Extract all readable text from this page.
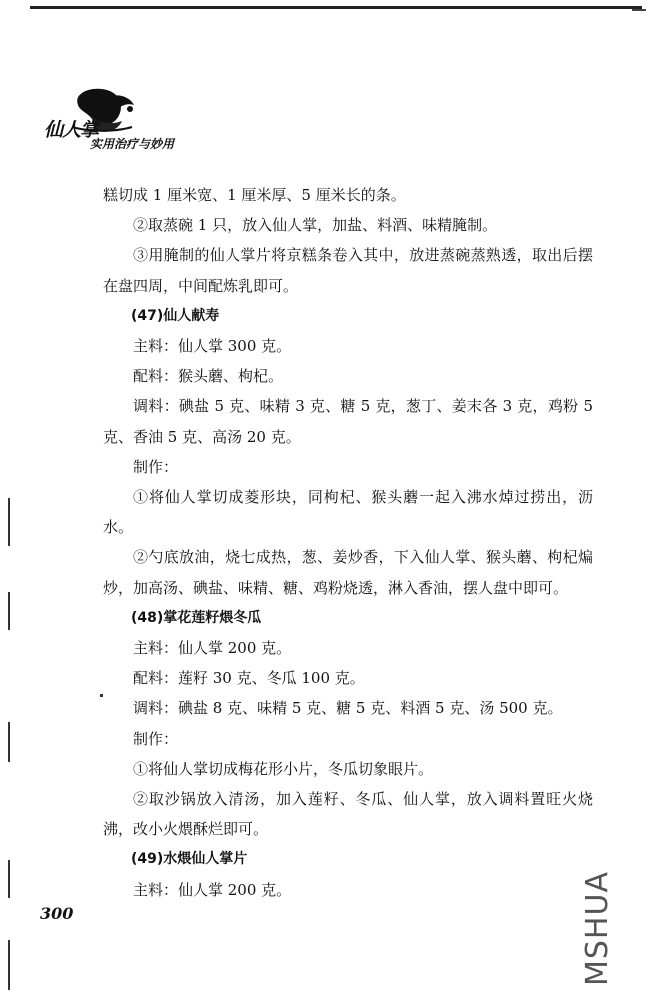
仙人掌
实用治疗与妙用

糕切成 1 厘米宽、1 厘米厚、5 厘米长的条。

②取蒸碗 1 只，放入仙人掌，加盐、料酒、味精腌制。

③用腌制的仙人掌片将京糕条卷入其中，放进蒸碗蒸熟透，取出后摆在盘四周，中间配炼乳即可。

(47)仙人献寿

主料：仙人掌 300 克。

配料：猴头蘑、枸杞。

调料：碘盐 5 克、味精 3 克、糖 5 克，葱丁、姜末各 3 克，鸡粉 5 克、香油 5 克、高汤 20 克。

制作：

①将仙人掌切成菱形块，同枸杞、猴头蘑一起入沸水焯过捞出，沥水。

②勺底放油，烧七成热，葱、姜炒香，下入仙人掌、猴头蘑、枸杞煸炒，加高汤、碘盐、味精、糖、鸡粉烧透，淋入香油，摆人盘中即可。

(48)掌花莲籽煨冬瓜

主料：仙人掌 200 克。

配料：莲籽 30 克、冬瓜 100 克。

调料：碘盐 8 克、味精 5 克、糖 5 克、料酒 5 克、汤 500 克。

制作：

①将仙人掌切成梅花形小片，冬瓜切象眼片。

②取沙锅放入清汤，加入莲籽、冬瓜、仙人掌，放入调料置旺火烧沸，改小火煨酥烂即可。

(49)水煨仙人掌片

主料：仙人掌 200 克。

300	MSHUA
